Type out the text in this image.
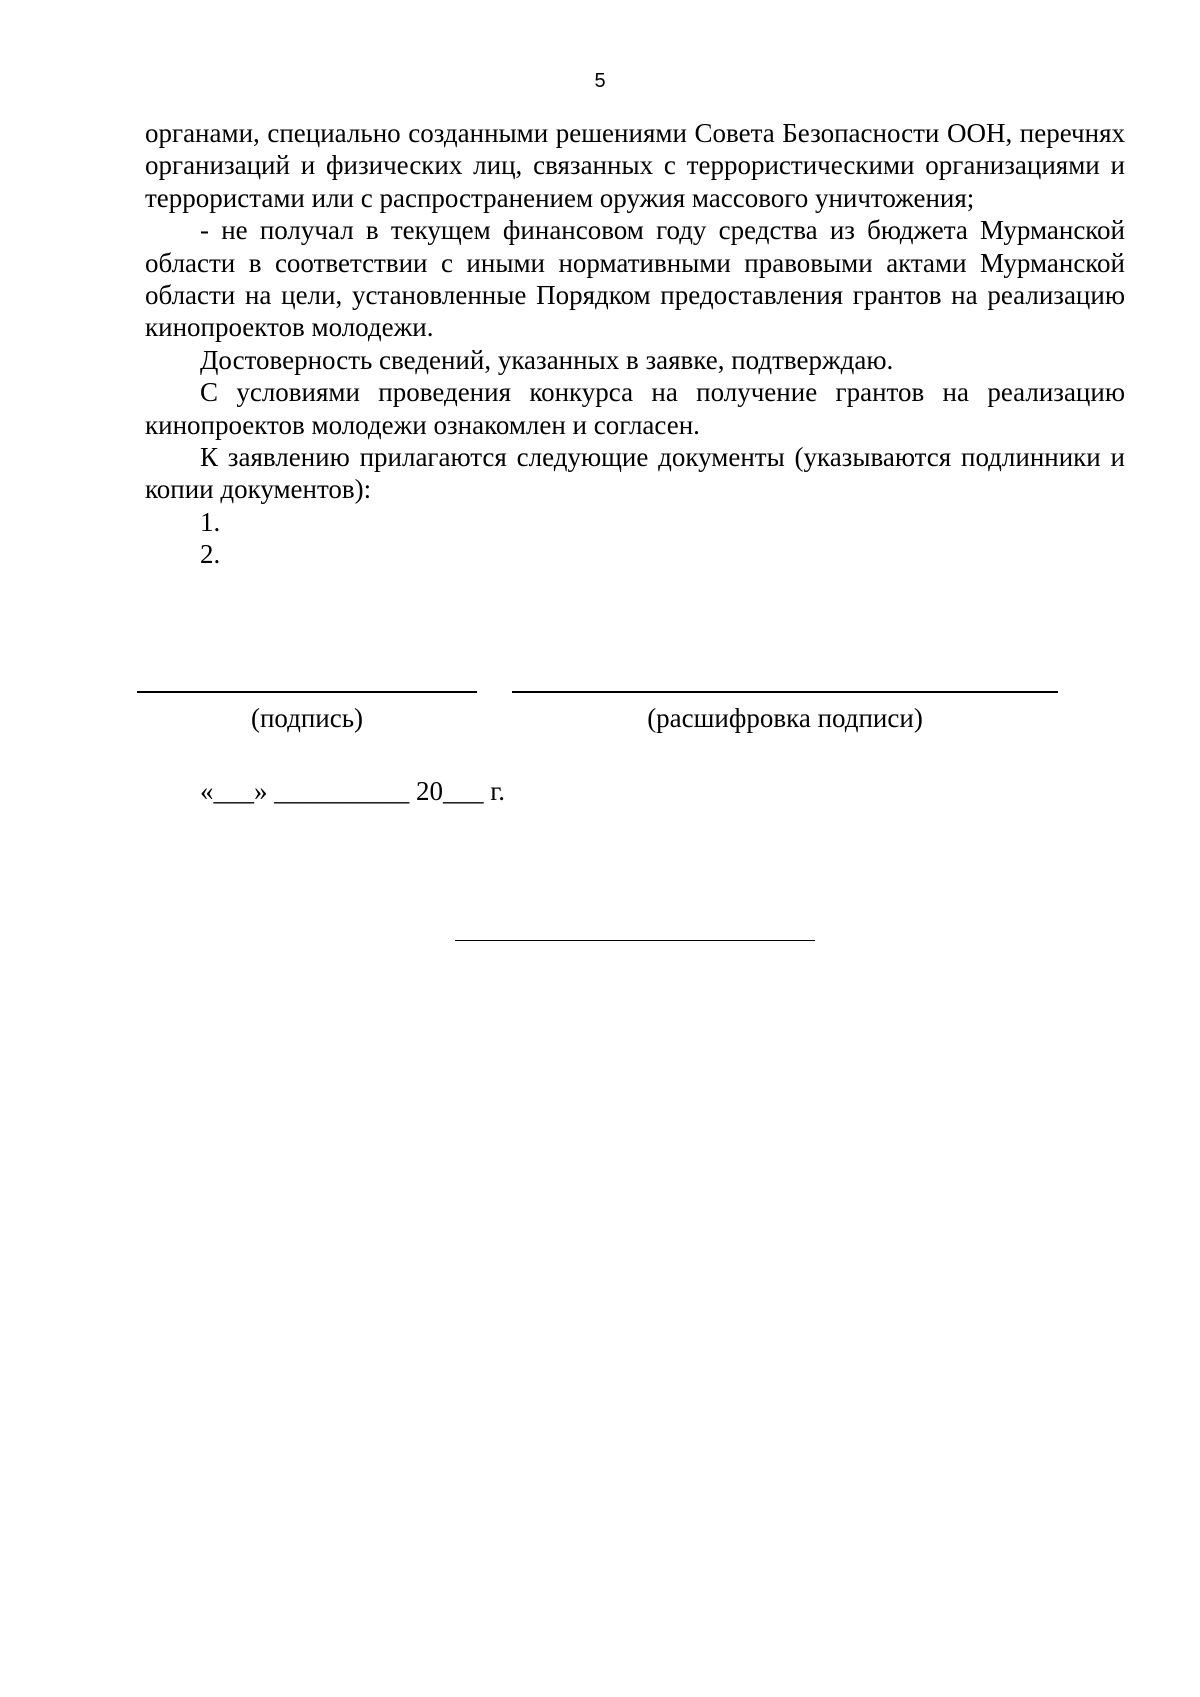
5

органами, специально созданными решениями Совета Безопасности ООН, перечнях организаций и физических лиц, связанных с террористическими организациями и террористами или с распространением оружия массового уничтожения;

- не получал в текущем финансовом году средства из бюджета Мурманской области в соответствии с иными нормативными правовыми актами Мурманской области на цели, установленные Порядком предоставления грантов на реализацию кинопроектов молодежи.

Достоверность сведений, указанных в заявке, подтверждаю.

С условиями проведения конкурса на получение грантов на реализацию кинопроектов молодежи ознакомлен и согласен.

К заявлению прилагаются следующие документы (указываются подлинники и копии документов):

1.

2.

(подпись)	(расшифровка подписи)
«___» __________ 20___ г.
